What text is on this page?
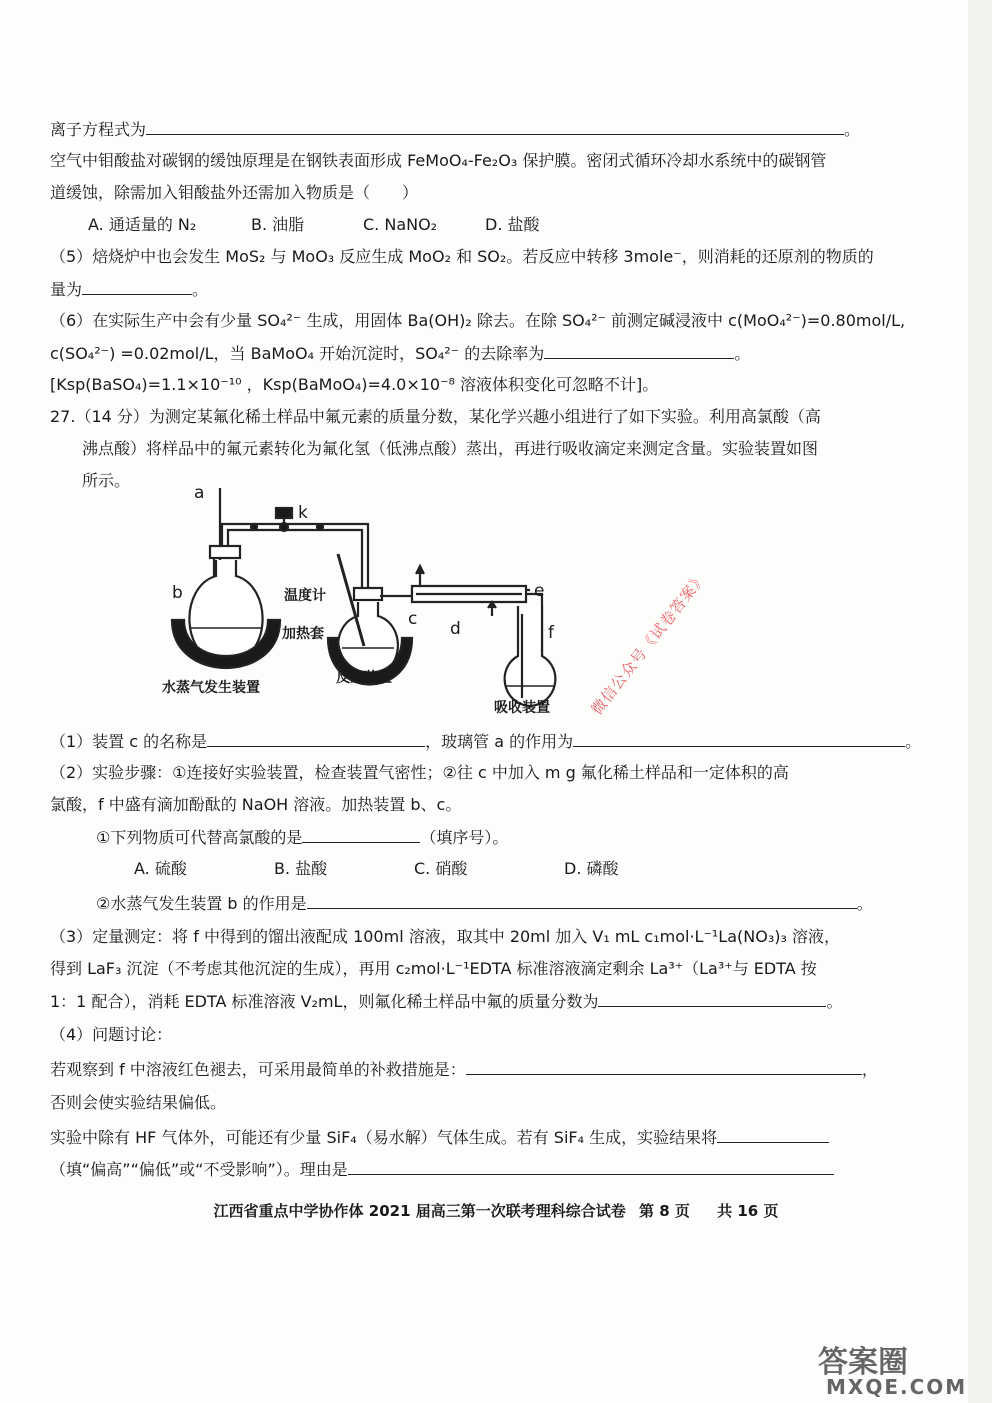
离子方程式为	。
空气中钼酸盐对碳钢的缓蚀原理是在钢铁表面形成 FeMoO₄-Fe₂O₃ 保护膜。密闭式循环冷却水系统中的碳钢管
道缓蚀，除需加入钼酸盐外还需加入物质是（　　）
A. 通适量的 N₂	B. 油脂	C. NaNO₂	D. 盐酸
（5）焙烧炉中也会发生 MoS₂ 与 MoO₃ 反应生成 MoO₂ 和 SO₂。若反应中转移 3mole⁻，则消耗的还原剂的物质的
量为	。
（6）在实际生产中会有少量 SO₄²⁻ 生成，用固体 Ba(OH)₂ 除去。在除 SO₄²⁻ 前测定碱浸液中 c(MoO₄²⁻)=0.80mol/L,
c(SO₄²⁻) =0.02mol/L，当 BaMoO₄ 开始沉淀时，SO₄²⁻ 的去除率为	。
[Ksp(BaSO₄)=1.1×10⁻¹⁰ ，Ksp(BaMoO₄)=4.0×10⁻⁸ 溶液体积变化可忽略不计]。
27.（14 分）为测定某氟化稀土样品中氟元素的质量分数，某化学兴趣小组进行了如下实验。利用高氯酸（高
沸点酸）将样品中的氟元素转化为氟化氢（低沸点酸）蒸出，再进行吸收滴定来测定含量。实验装置如图
所示。
a
b
k
c d
e
f
温度计
加热套
水蒸气发生装置
反应装置
吸收装置
（1）装置 c 的名称是	，玻璃管 a 的作用为	。
（2）实验步骤：①连接好实验装置，检查装置气密性；②往 c 中加入 m g 氟化稀土样品和一定体积的高
氯酸，f 中盛有滴加酚酞的 NaOH 溶液。加热装置 b、c。
①下列物质可代替高氯酸的是	（填序号）。
A. 硫酸	B. 盐酸	C. 硝酸	D. 磷酸
②水蒸气发生装置 b 的作用是	。
（3）定量测定：将 f 中得到的馏出液配成 100ml 溶液，取其中 20ml 加入 V₁ mL c₁mol·L⁻¹La(NO₃)₃ 溶液，
得到 LaF₃ 沉淀（不考虑其他沉淀的生成），再用 c₂mol·L⁻¹EDTA 标准溶液滴定剩余 La³⁺（La³⁺与 EDTA 按
1：1 配合），消耗 EDTA 标准溶液 V₂mL，则氟化稀土样品中氟的质量分数为	。
（4）问题讨论：
若观察到 f 中溶液红色褪去，可采用最简单的补救措施是：	，
否则会使实验结果偏低。
实验中除有 HF 气体外，可能还有少量 SiF₄（易水解）气体生成。若有 SiF₄ 生成，实验结果将
（填“偏高”“偏低”或“不受影响”）。理由是
江西省重点中学协作体 2021 届高三第一次联考理科综合试卷 第 8 页 共 16 页
微信公众号《试卷答案》
答案圈
MXQE.COM
